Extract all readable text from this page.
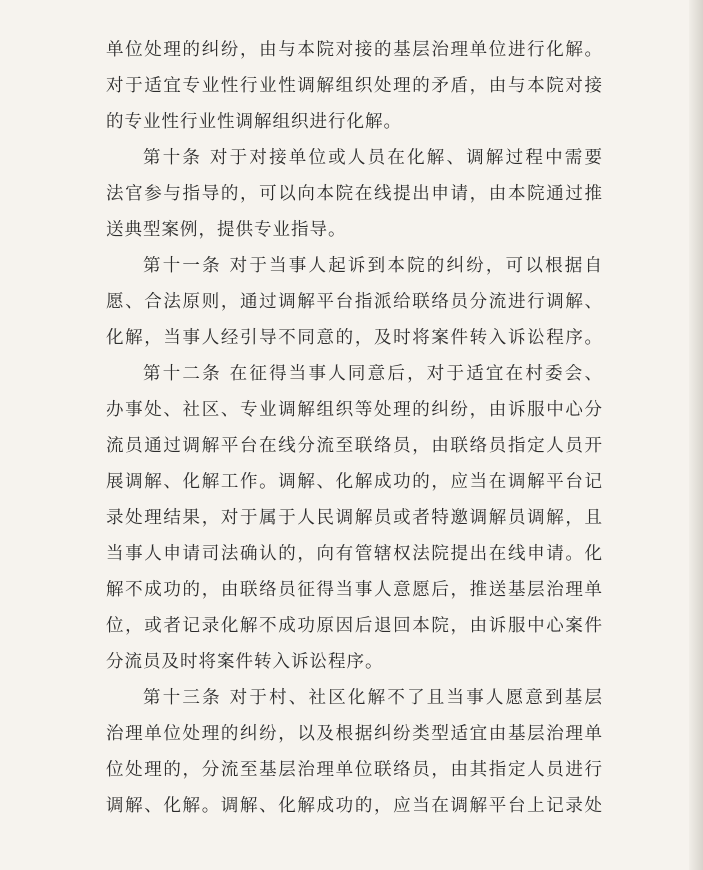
单位处理的纠纷，由与本院对接的基层治理单位进行化解。
对于适宜专业性行业性调解组织处理的矛盾，由与本院对接
的专业性行业性调解组织进行化解。
第十条 对于对接单位或人员在化解、调解过程中需要
法官参与指导的，可以向本院在线提出申请，由本院通过推
送典型案例，提供专业指导。
第十一条 对于当事人起诉到本院的纠纷，可以根据自
愿、合法原则，通过调解平台指派给联络员分流进行调解、
化解，当事人经引导不同意的，及时将案件转入诉讼程序。
第十二条 在征得当事人同意后，对于适宜在村委会、
办事处、社区、专业调解组织等处理的纠纷，由诉服中心分
流员通过调解平台在线分流至联络员，由联络员指定人员开
展调解、化解工作。调解、化解成功的，应当在调解平台记
录处理结果，对于属于人民调解员或者特邀调解员调解，且
当事人申请司法确认的，向有管辖权法院提出在线申请。化
解不成功的，由联络员征得当事人意愿后，推送基层治理单
位，或者记录化解不成功原因后退回本院，由诉服中心案件
分流员及时将案件转入诉讼程序。
第十三条 对于村、社区化解不了且当事人愿意到基层
治理单位处理的纠纷，以及根据纠纷类型适宜由基层治理单
位处理的，分流至基层治理单位联络员，由其指定人员进行
调解、化解。调解、化解成功的，应当在调解平台上记录处
